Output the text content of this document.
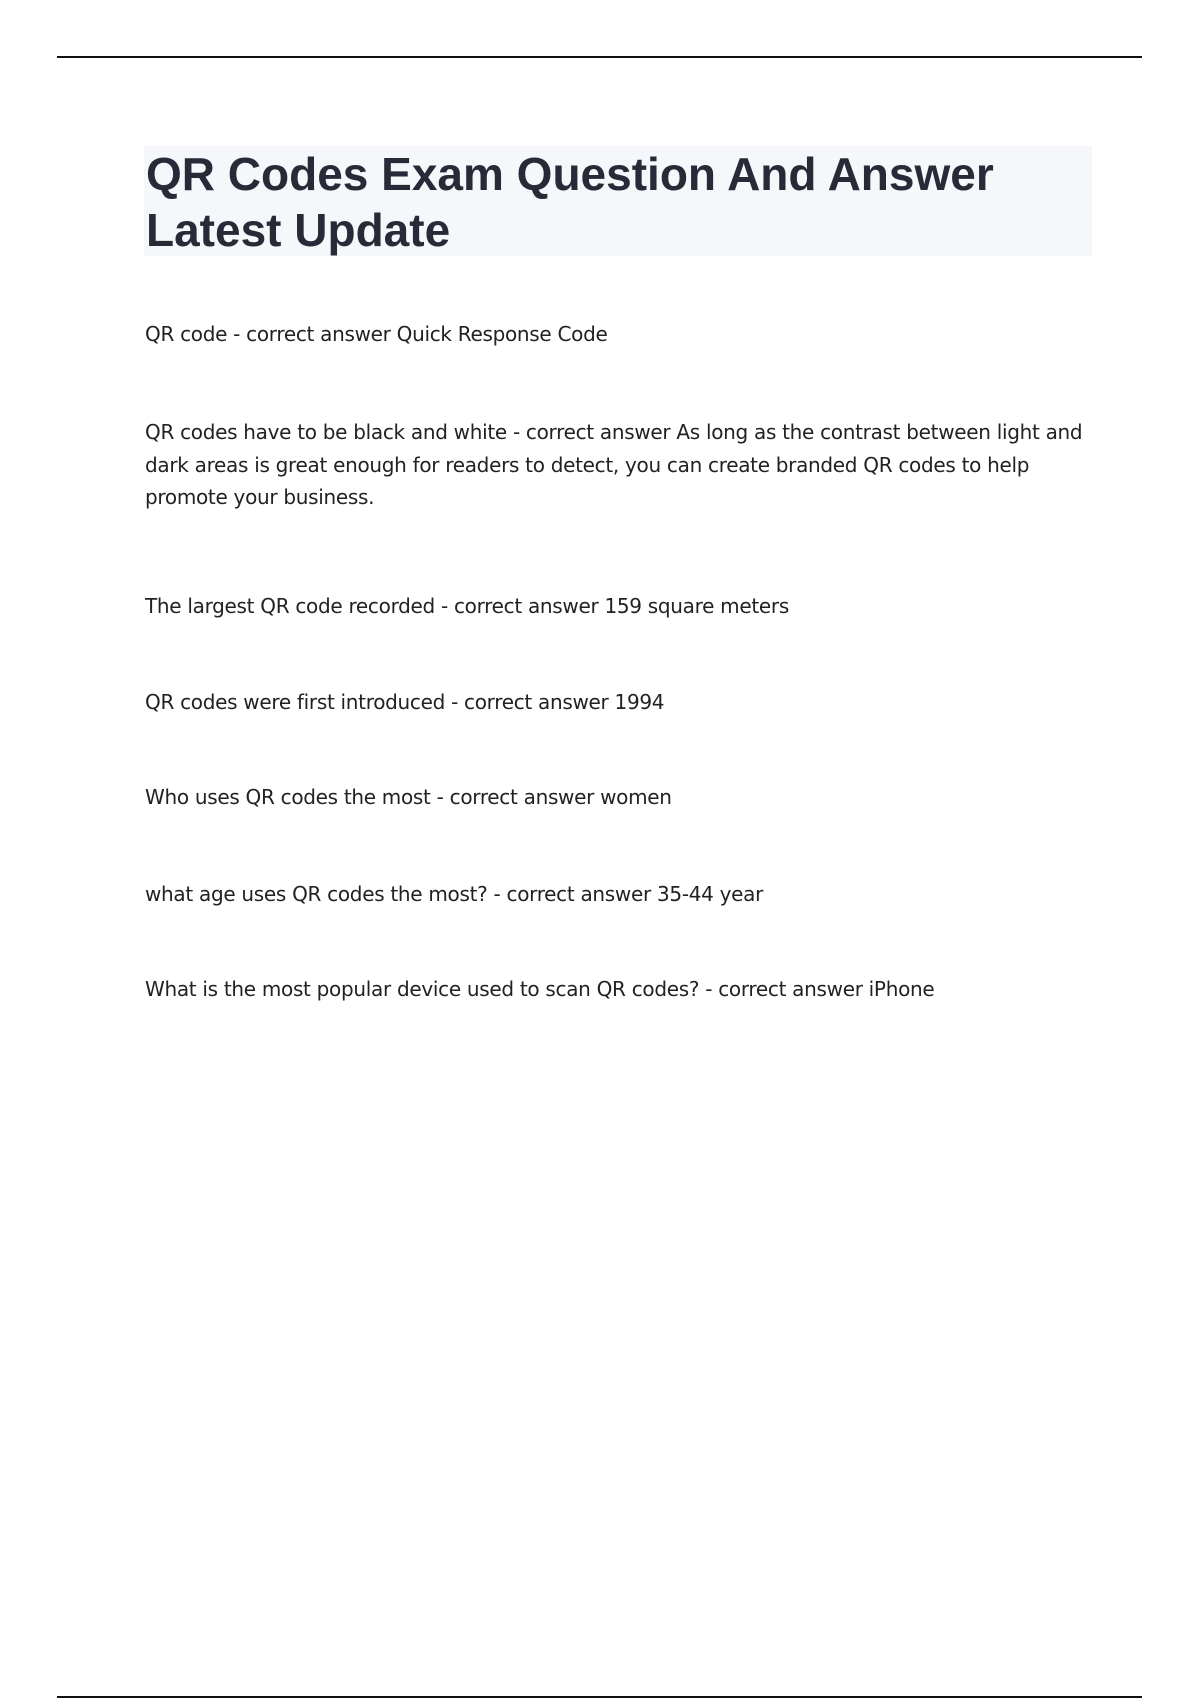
QR Codes Exam Question And Answer Latest Update
QR code - correct answer Quick Response Code
QR codes have to be black and white - correct answer As long as the contrast between light and dark areas is great enough for readers to detect, you can create branded QR codes to help promote your business.
The largest QR code recorded - correct answer 159 square meters
QR codes were first introduced - correct answer 1994
Who uses QR codes the most - correct answer women
what age uses QR codes the most? - correct answer 35-44 year
What is the most popular device used to scan QR codes? - correct answer iPhone
